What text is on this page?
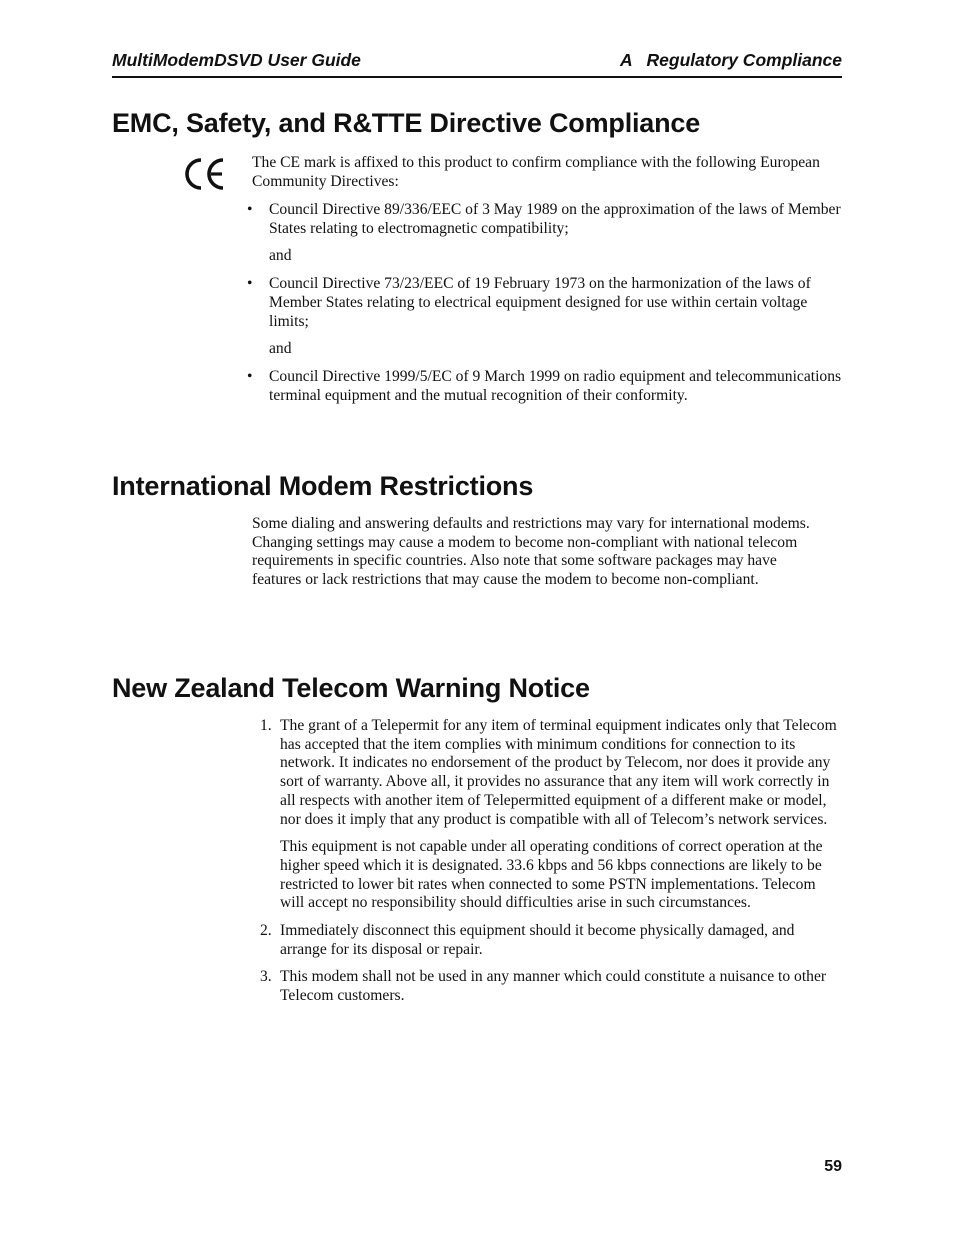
MultiModemDSVD User Guide	A   Regulatory Compliance
EMC, Safety, and R&TTE Directive Compliance
The CE mark is affixed to this product to confirm compliance with the following European Community Directives:
• Council Directive 89/336/EEC of 3 May 1989 on the approximation of the laws of Member States relating to electromagnetic compatibility;
and
• Council Directive 73/23/EEC of 19 February 1973 on the harmonization of the laws of Member States relating to electrical equipment designed for use within certain voltage limits;
and
• Council Directive 1999/5/EC of 9 March 1999 on radio equipment and telecommunications terminal equipment and the mutual recognition of their conformity.
International Modem Restrictions
Some dialing and answering defaults and restrictions may vary for international modems. Changing settings may cause a modem to become non-compliant with national telecom requirements in specific countries. Also note that some software packages may have features or lack restrictions that may cause the modem to become non-compliant.
New Zealand Telecom Warning Notice
1. The grant of a Telepermit for any item of terminal equipment indicates only that Telecom has accepted that the item complies with minimum conditions for connection to its network. It indicates no endorsement of the product by Telecom, nor does it provide any sort of warranty. Above all, it provides no assurance that any item will work correctly in all respects with another item of Telepermitted equipment of a different make or model, nor does it imply that any product is compatible with all of Telecom’s network services.

This equipment is not capable under all operating conditions of correct operation at the higher speed which it is designated. 33.6 kbps and 56 kbps connections are likely to be restricted to lower bit rates when connected to some PSTN implementations. Telecom will accept no responsibility should difficulties arise in such circumstances.

2. Immediately disconnect this equipment should it become physically damaged, and arrange for its disposal or repair.

3. This modem shall not be used in any manner which could constitute a nuisance to other Telecom customers.

59
